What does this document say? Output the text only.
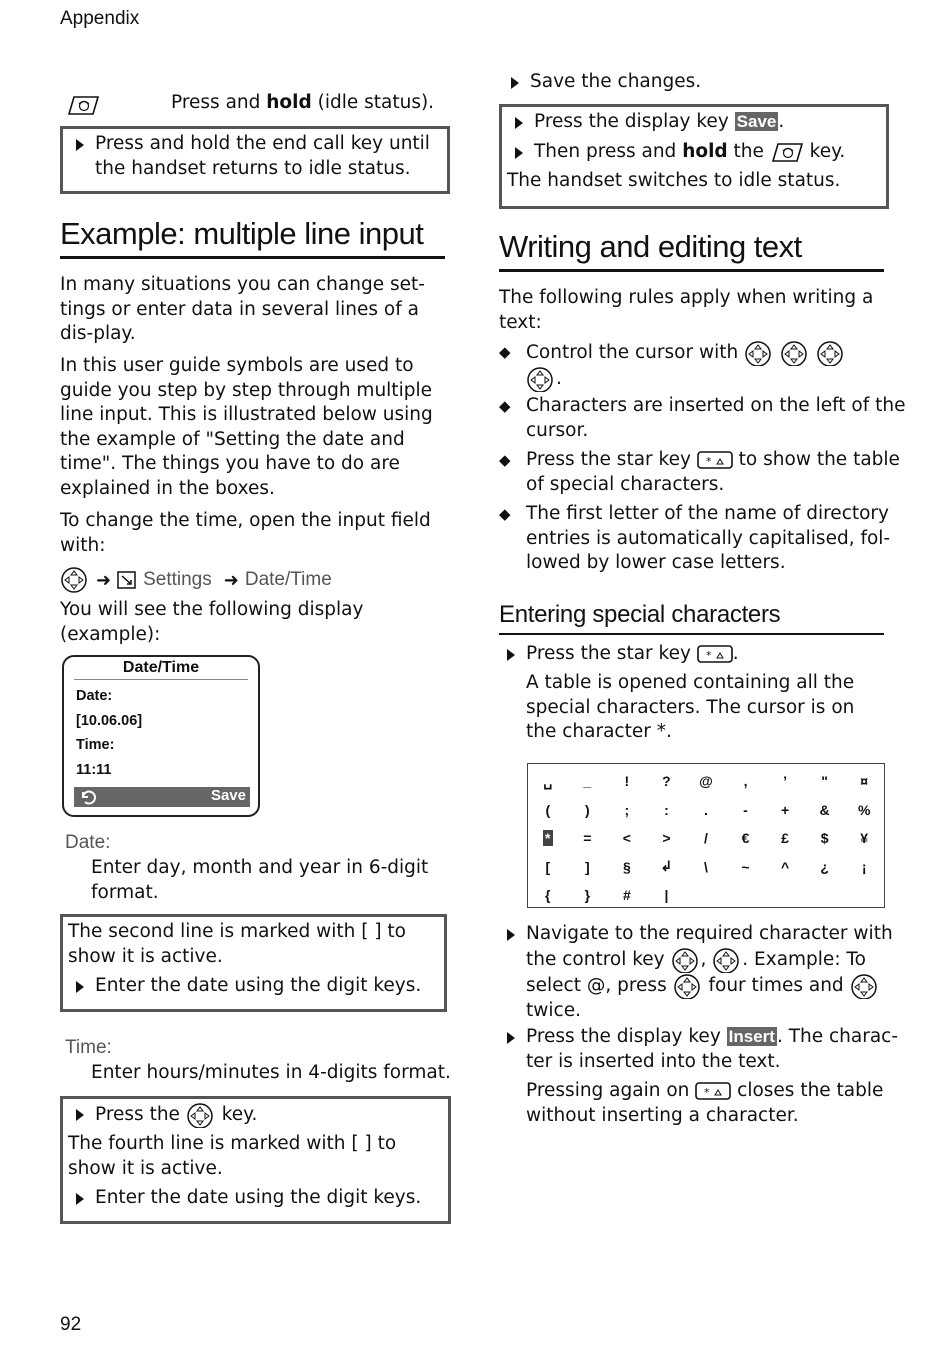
Appendix

Press and hold (idle status).

Press and hold the end call key until the handset returns to idle status.
Example: multiple line input

In many situations you can change set-tings or enter data in several lines of a dis-play.

In this user guide symbols are used to guide you step by step through multiple line input. This is illustrated below using the example of "Setting the date and time". The things you have to do are explained in the boxes.

To change the time, open the input field with:

➜ Settings ➜ Date/Time

You will see the following display (example):

Date/Time
Date:
[10.06.06]
Time:
11:11
Save
Date:

Enter day, month and year in 6-digit format.

The second line is marked with [ ] to show it is active.

Enter the date using the digit keys.
Time:

Enter hours/minutes in 4-digits format.

Press the  key.

The fourth line is marked with [ ] to show it is active.

Enter the date using the digit keys.
92
Save the changes.
Press the display key Save .
Then press and hold the  key.

The handset switches to idle status.

Writing and editing text

The following rules apply when writing a text:

◆ Control the cursor with
.
◆ Characters are inserted on the left of the cursor.
◆ Press the star key  to show the table of special characters.
◆ The first letter of the name of directory entries is automatically capitalised, fol-lowed by lower case letters.
Entering special characters
Press the star key .

A table is opened containing all the special characters. The cursor is on the character *.

␣	_	!	?	@	,	’	"	¤
(	)	;	:	.	-	+	&	%
*	=	<	>	/	€	£	$	¥
[	]	§	↲	\	~	^	¿	¡
{	}	#	|					
Navigate to the required character with the control key , . Example: To select @, press four times and  twice.
Press the display key Insert . The charac-ter is inserted into the text.

Pressing again on  closes the table without inserting a character.
